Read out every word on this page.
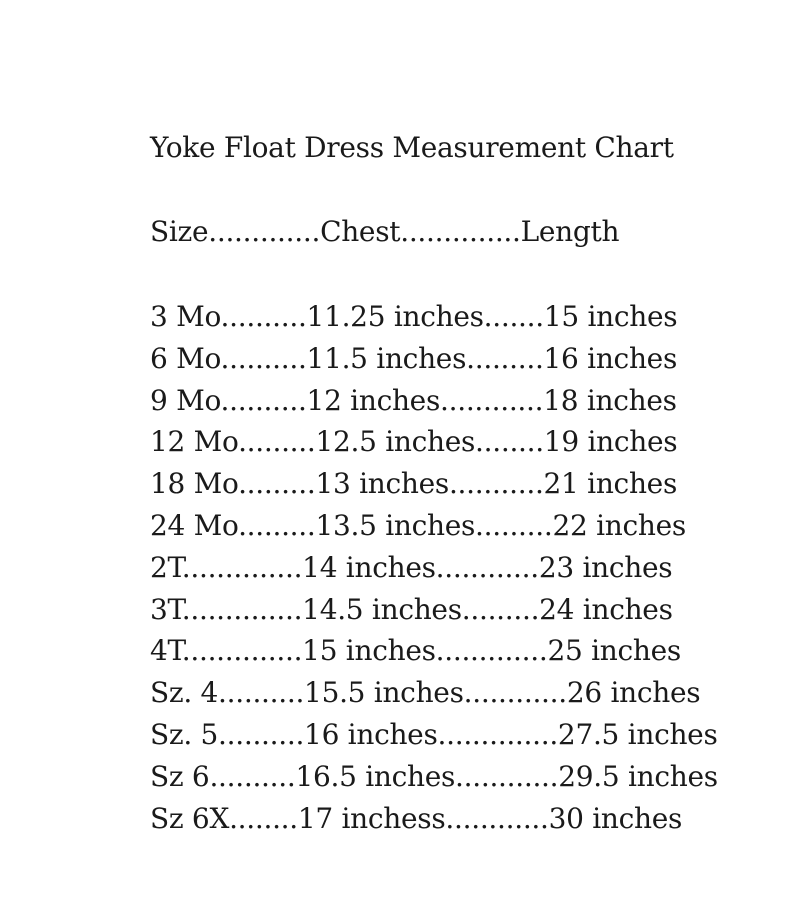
Yoke Float Dress Measurement Chart
Size.............Chest..............Length
3 Mo..........11.25 inches.......15 inches
6 Mo..........11.5 inches.........16 inches
9 Mo..........12 inches............18 inches
12 Mo.........12.5 inches........19 inches
18 Mo.........13 inches...........21 inches
24 Mo.........13.5 inches.........22 inches
2T..............14 inches............23 inches
3T..............14.5 inches.........24 inches
4T..............15 inches.............25 inches
Sz. 4..........15.5 inches............26 inches
Sz. 5..........16 inches..............27.5 inches
Sz 6..........16.5 inches............29.5 inches
Sz 6X........17 inchess............30 inches
